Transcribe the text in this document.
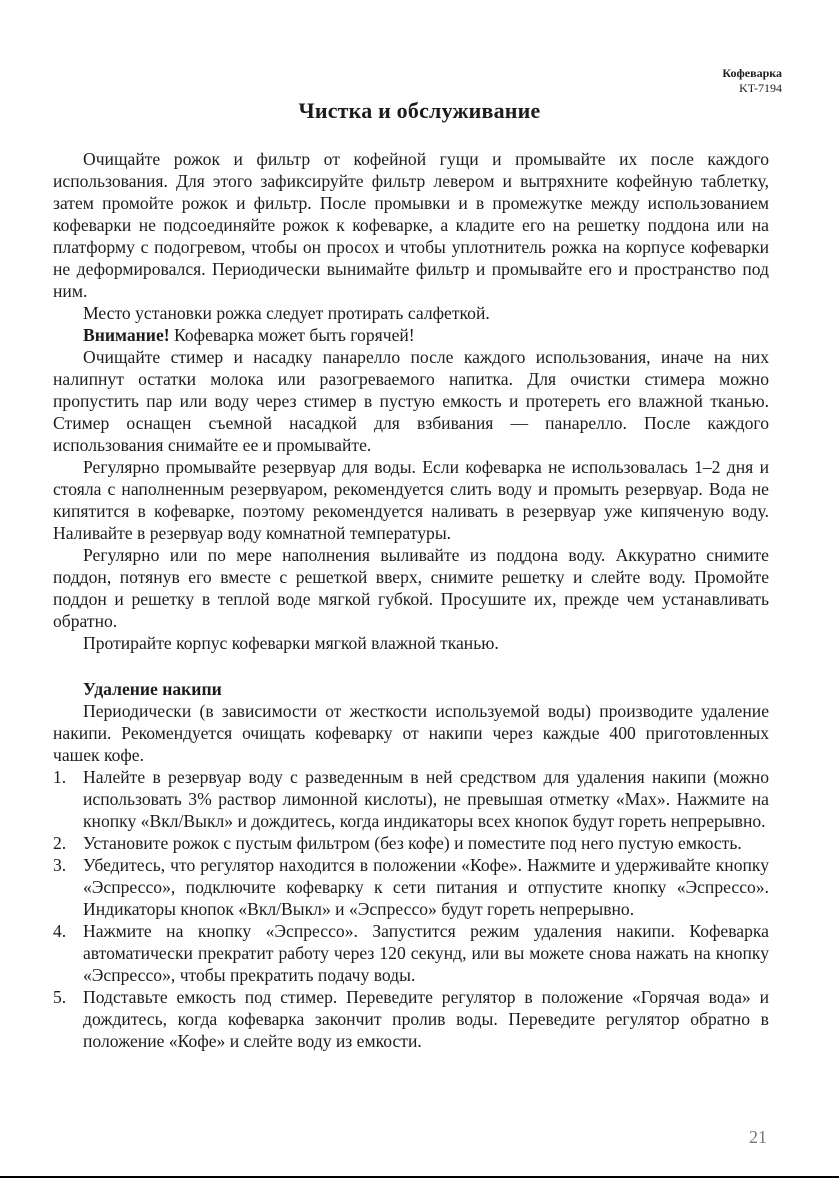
Кофеварка
KT-7194
Чистка и обслуживание

Очищайте рожок и фильтр от кофейной гущи и промывайте их после каждого использования. Для этого зафиксируйте фильтр левером и вытряхните кофейную таблетку, затем промойте рожок и фильтр. После промывки и в промежутке между использованием кофеварки не подсоединяйте рожок к кофеварке, а кладите его на решетку поддона или на платформу с подогревом, чтобы он просох и чтобы уплотнитель рожка на корпусе кофеварки не деформировался. Периодически вынимайте фильтр и промывайте его и пространство под ним.

Место установки рожка следует протирать салфеткой.

Внимание! Кофеварка может быть горячей!

Очищайте стимер и насадку панарелло после каждого использования, иначе на них налипнут остатки молока или разогреваемого напитка. Для очистки стимера можно пропустить пар или воду через стимер в пустую емкость и протереть его влажной тканью. Стимер оснащен съемной насадкой для взбивания — панарелло. После каждого использования снимайте ее и промывайте.

Регулярно промывайте резервуар для воды. Если кофеварка не использовалась 1–2 дня и стояла с наполненным резервуаром, рекомендуется слить воду и промыть резервуар. Вода не кипятится в кофеварке, поэтому рекомендуется наливать в резервуар уже кипяченую воду. Наливайте в резервуар воду комнатной температуры.

Регулярно или по мере наполнения выливайте из поддона воду. Аккуратно снимите поддон, потянув его вместе с решеткой вверх, снимите решетку и слейте воду. Промойте поддон и решетку в теплой воде мягкой губкой. Просушите их, прежде чем устанавливать обратно.

Протирайте корпус кофеварки мягкой влажной тканью.

Удаление накипи

Периодически (в зависимости от жесткости используемой воды) производите удаление накипи. Рекомендуется очищать кофеварку от накипи через каждые 400 приготовленных чашек кофе.

1. Налейте в резервуар воду с разведенным в ней средством для удаления накипи (можно использовать 3% раствор лимонной кислоты), не превышая отметку «Max». Нажмите на кнопку «Вкл/Выкл» и дождитесь, когда индикаторы всех кнопок будут гореть непрерывно.
2. Установите рожок с пустым фильтром (без кофе) и поместите под него пустую емкость.
3. Убедитесь, что регулятор находится в положении «Кофе». Нажмите и удерживайте кнопку «Эспрессо», подключите кофеварку к сети питания и отпустите кнопку «Эспрессо». Индикаторы кнопок «Вкл/Выкл» и «Эспрессо» будут гореть непрерывно.
4. Нажмите на кнопку «Эспрессо». Запустится режим удаления накипи. Кофеварка автоматически прекратит работу через 120 секунд, или вы можете снова нажать на кнопку «Эспрессо», чтобы прекратить подачу воды.
5. Подставьте емкость под стимер. Переведите регулятор в положение «Горячая вода» и дождитесь, когда кофеварка закончит пролив воды. Переведите регулятор обратно в положение «Кофе» и слейте воду из емкости.
21
